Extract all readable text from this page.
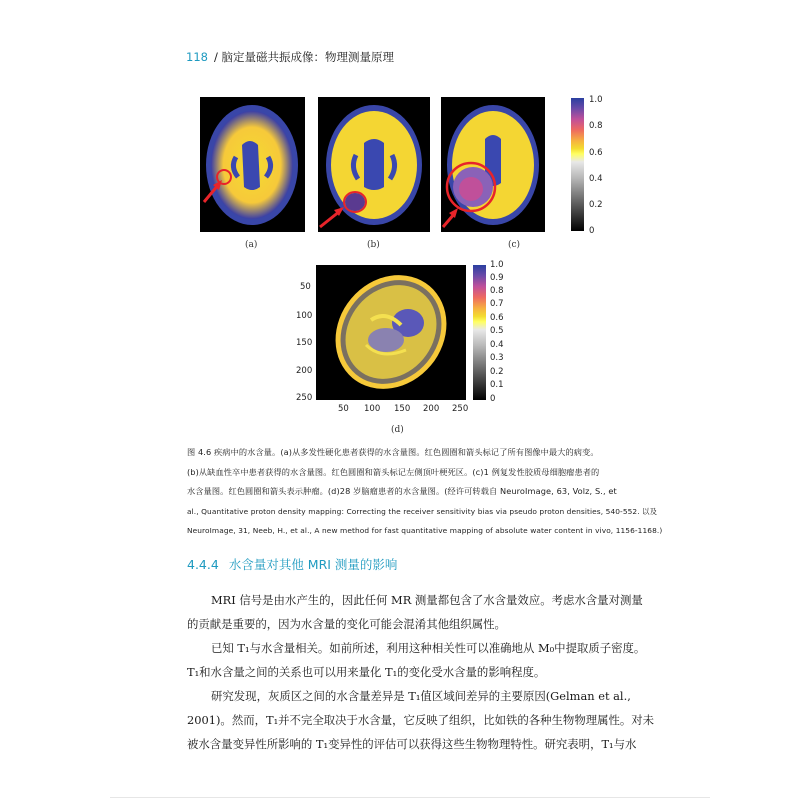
118 / 脑定量磁共振成像：物理测量原理
(a)	(b)	(c)
1.0
0.8
0.6
0.4
0.2
0
50
100
150
200
250
50 100 150 200 250
(d)
1.0
0.9
0.8
0.7
0.6
0.5
0.4
0.3
0.2
0.1
0

图 4.6 疾病中的水含量。(a)从多发性硬化患者获得的水含量图。红色圆圈和箭头标记了所有图像中最大的病变。

(b)从缺血性卒中患者获得的水含量图。红色圆圈和箭头标记左侧顶叶梗死区。(c)1 例复发性胶质母细胞瘤患者的

水含量图。红色圆圈和箭头表示肿瘤。(d)28 岁脑瘤患者的水含量图。(经许可转载自 NeuroImage, 63, Volz, S., et

al., Quantitative proton density mapping: Correcting the receiver sensitivity bias via pseudo proton densities, 540-552. 以及

NeuroImage, 31, Neeb, H., et al., A new method for fast quantitative mapping of absolute water content in vivo, 1156-1168.)

4.4.4 水含量对其他 MRI 测量的影响

MRI 信号是由水产生的，因此任何 MR 测量都包含了水含量效应。考虑水含量对测量

的贡献是重要的，因为水含量的变化可能会混淆其他组织属性。

已知 T₁与水含量相关。如前所述，利用这种相关性可以准确地从 M₀中提取质子密度。

T₁和水含量之间的关系也可以用来量化 T₁的变化受水含量的影响程度。

研究发现，灰质区之间的水含量差异是 T₁值区域间差异的主要原因(Gelman et al.,

2001)。然而，T₁并不完全取决于水含量，它反映了组织，比如铁的各种生物物理属性。对未

被水含量变异性所影响的 T₁变异性的评估可以获得这些生物物理特性。研究表明，T₁与水
